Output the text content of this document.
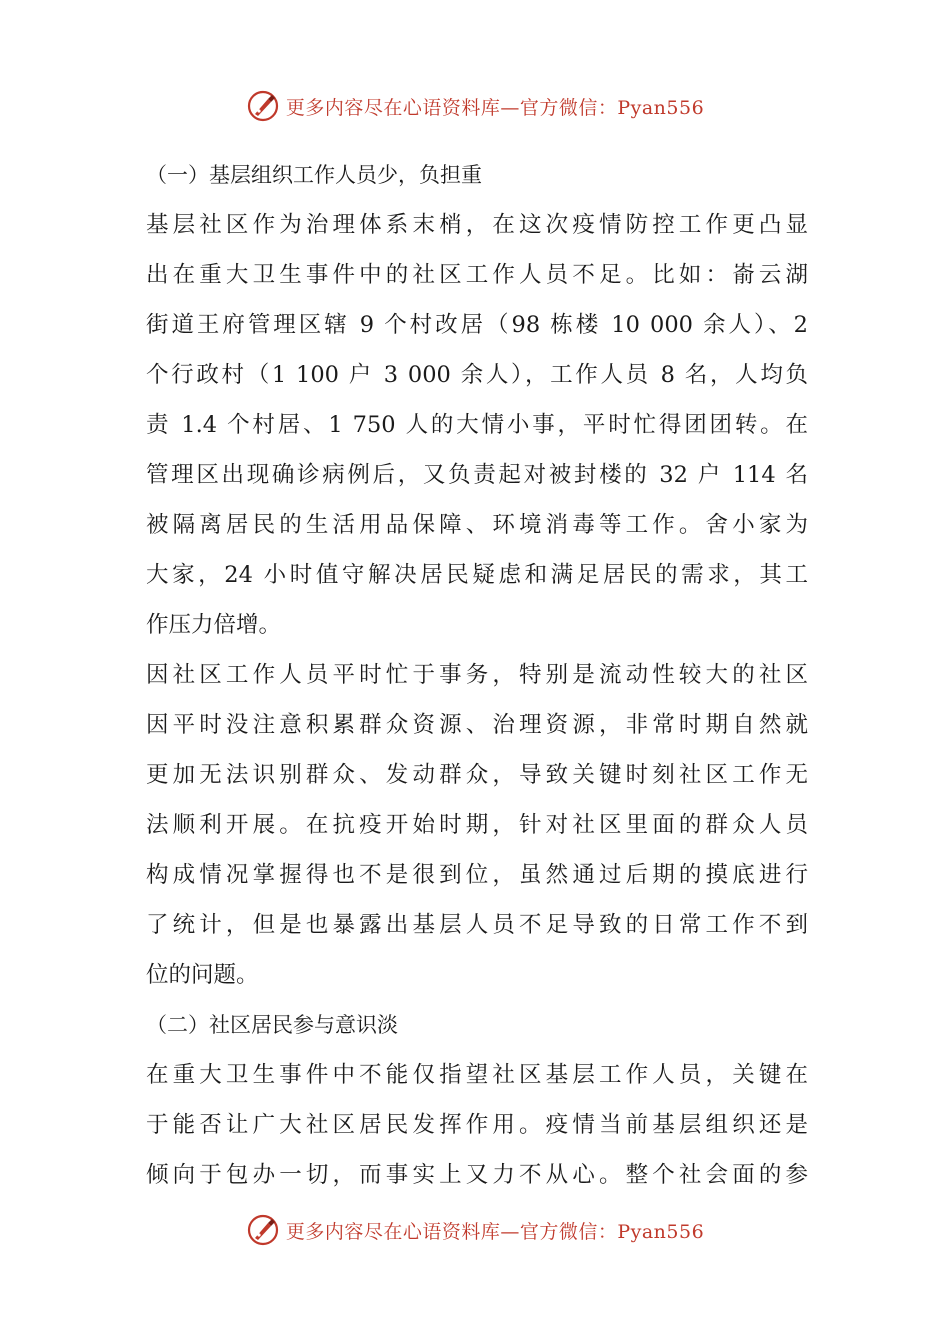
更多内容尽在心语资料库—官方微信：Pyan556
（一）基层组织工作人员少，负担重
基层社区作为治理体系末梢，在这次疫情防控工作更凸显
出在重大卫生事件中的社区工作人员不足。比如：嵛云湖
街道王府管理区辖 9 个村改居（98 栋楼 10 000 余人）、2
个行政村（1 100 户 3 000 余人），工作人员 8 名，人均负
责 1.4 个村居、1 750 人的大情小事，平时忙得团团转。在
管理区出现确诊病例后，又负责起对被封楼的 32 户 114 名
被隔离居民的生活用品保障、环境消毒等工作。舍小家为
大家，24 小时值守解决居民疑虑和满足居民的需求，其工
作压力倍增。
因社区工作人员平时忙于事务，特别是流动性较大的社区
因平时没注意积累群众资源、治理资源，非常时期自然就
更加无法识别群众、发动群众，导致关键时刻社区工作无
法顺利开展。在抗疫开始时期，针对社区里面的群众人员
构成情况掌握得也不是很到位，虽然通过后期的摸底进行
了统计，但是也暴露出基层人员不足导致的日常工作不到
位的问题。
（二）社区居民参与意识淡
在重大卫生事件中不能仅指望社区基层工作人员，关键在
于能否让广大社区居民发挥作用。疫情当前基层组织还是
倾向于包办一切，而事实上又力不从心。整个社会面的参
更多内容尽在心语资料库—官方微信：Pyan556
